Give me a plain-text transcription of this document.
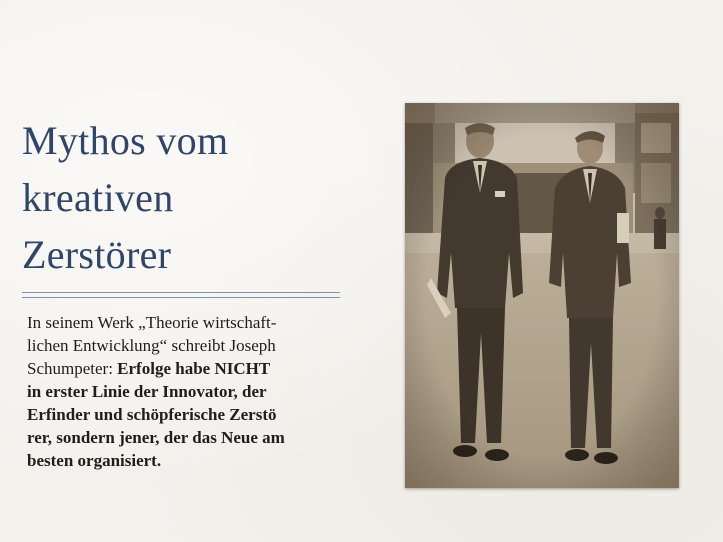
Mythos vom
kreativen
Zerstörer

In seinem Werk „Theorie wirtschaft-
lichen Entwicklung“ schreibt Joseph
Schumpeter: Erfolge habe NICHT
in erster Linie der Innovator, der
Erfinder und schöpferische Zerstö
rer, sondern jener, der das Neue am
besten organisiert.
